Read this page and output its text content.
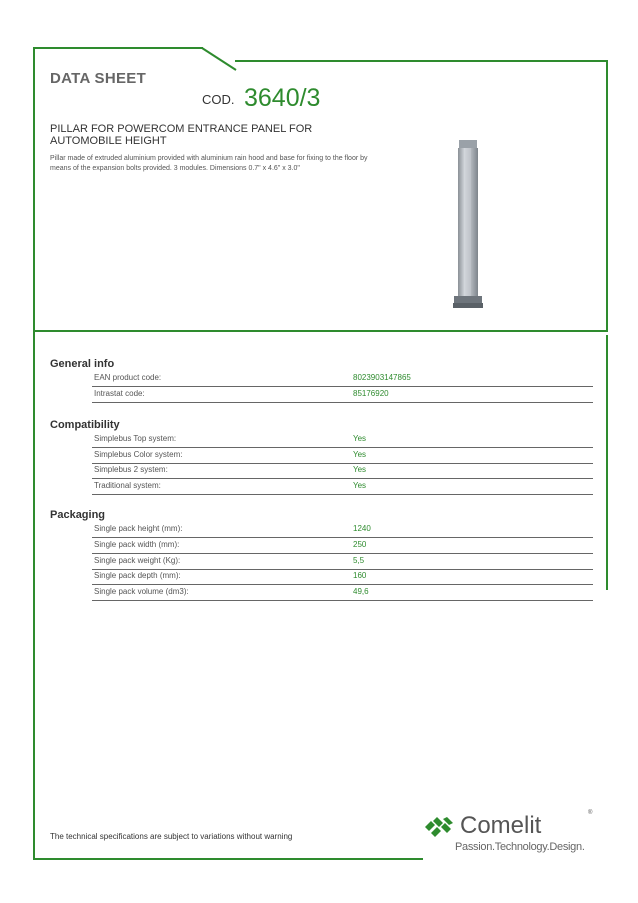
DATA SHEET
COD. 3640/3
PILLAR FOR POWERCOM ENTRANCE PANEL FOR AUTOMOBILE HEIGHT
Pillar made of extruded aluminium provided with aluminium rain hood and base for fixing to the floor by means of the expansion bolts provided. 3 modules. Dimensions 0.7" x 4.6" x 3.0"
General info
EAN product code:	8023903147865
Intrastat code:	85176920
Compatibility
Simplebus Top system:	Yes
Simplebus Color system:	Yes
Simplebus 2 system:	Yes
Traditional system:	Yes
Packaging
Single pack height (mm):	1240
Single pack width (mm):	250
Single pack weight (Kg):	5,5
Single pack depth (mm):	160
Single pack volume (dm3):	49,6
The technical specifications are subject to variations without warning	Comelit	®
Passion.Technology.Design.
